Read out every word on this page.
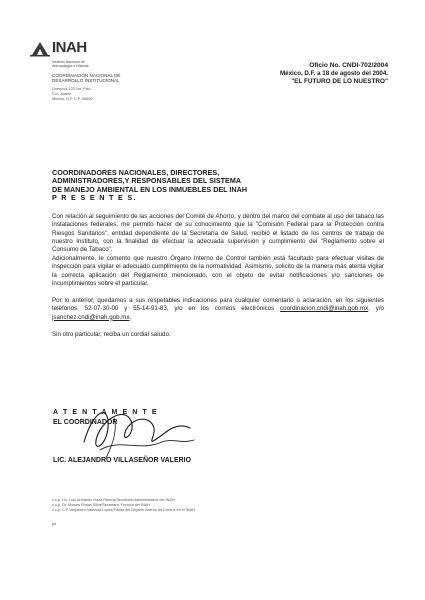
INAH
Instituto Nacional de
Antropología e Historia
COORDINACIÓN NACIONAL DE
DESARROLLO INSTITUCIONAL
Liverpool 123 1er. Piso
Col. Juárez
México, D.F. C.P. 06600
Oficio No. CNDI-702/2004
México, D.F. a 18 de agosto del 2004.
"EL FUTURO DE LO NUESTRO"
COORDINADORES NACIONALES, DIRECTORES,
ADMINISTRADORES,Y RESPONSABLES DEL SISTEMA
DE MANEJO AMBIENTAL EN LOS INMUEBLES DEL INAH
P R E S E N T E S.
Con relación al seguimiento de las acciones del Comité de Ahorro, y dentro del marco del combate al uso del tabaco las instalaciones federales, me permito hacer de su conocimiento que la "Comisión Federal para la Protección contra Riesgos Sanitarios", entidad dependiente de la Secretaría de Salud, recibió el listado de los centros de trabajo de nuestro Instituto, con la finalidad de efectuar la adecuada supervisión y cumplimiento del "Reglamento sobre el Consumo de Tabaco".
Adicionalmente, le comento que nuestro Órgano Interno de Control también está facultado para efectuar visitas de inspección para vigilar el adecuado cumplimiento de la normatividad. Asimismo, solicito de la manera más atenta vigilar la correcta aplicación del Reglamento mencionado, con el objeto de evitar notificaciones y/o sanciones de incumplimientos sobre el particular.
Por lo anterior, quedamos a sus respetables indicaciones para cualquier comentario o aclaración, en los siguientes teléfonos: 52-07-30-00 y 55-14-91-83, y/o en los correos electrónicos coordinacion.cndi@inah.gob.mx, y/o jsanchez.cndi@inah.gob.mx.
Sin otro particular, reciba un cordial saludo.
A T E N T A M E N T E
EL COORDINADOR
LIC. ALEJANDRO VILLASEÑOR VALERIO
c.c.p. Lic. Luis Armando Haza Remus/Secretario Administrativo del INAH
c.c.p. Dr. Moisés Rosas Silva/Secretario Técnico del INAH
c.c.p. C.P. Alejandro Valencia López/Titular del Órgano Interno de Control en el INAH
jst
